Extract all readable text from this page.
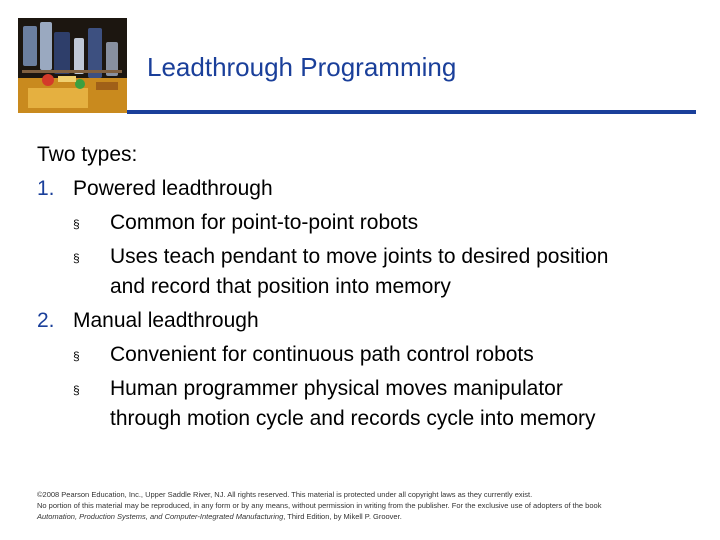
Leadthrough Programming
Two types:
1. Powered leadthrough
§ Common for point-to-point robots
§ Uses teach pendant to move joints to desired position
and record that position into memory
2. Manual leadthrough
§ Convenient for continuous path control robots
§ Human programmer physical moves manipulator
through motion cycle and records cycle into memory
©2008 Pearson Education, Inc., Upper Saddle River, NJ. All rights reserved. This material is protected under all copyright laws as they currently exist.
No portion of this material may be reproduced, in any form or by any means, without permission in writing from the publisher. For the exclusive use of adopters of the book
Automation, Production Systems, and Computer-Integrated Manufacturing, Third Edition, by Mikell P. Groover.
